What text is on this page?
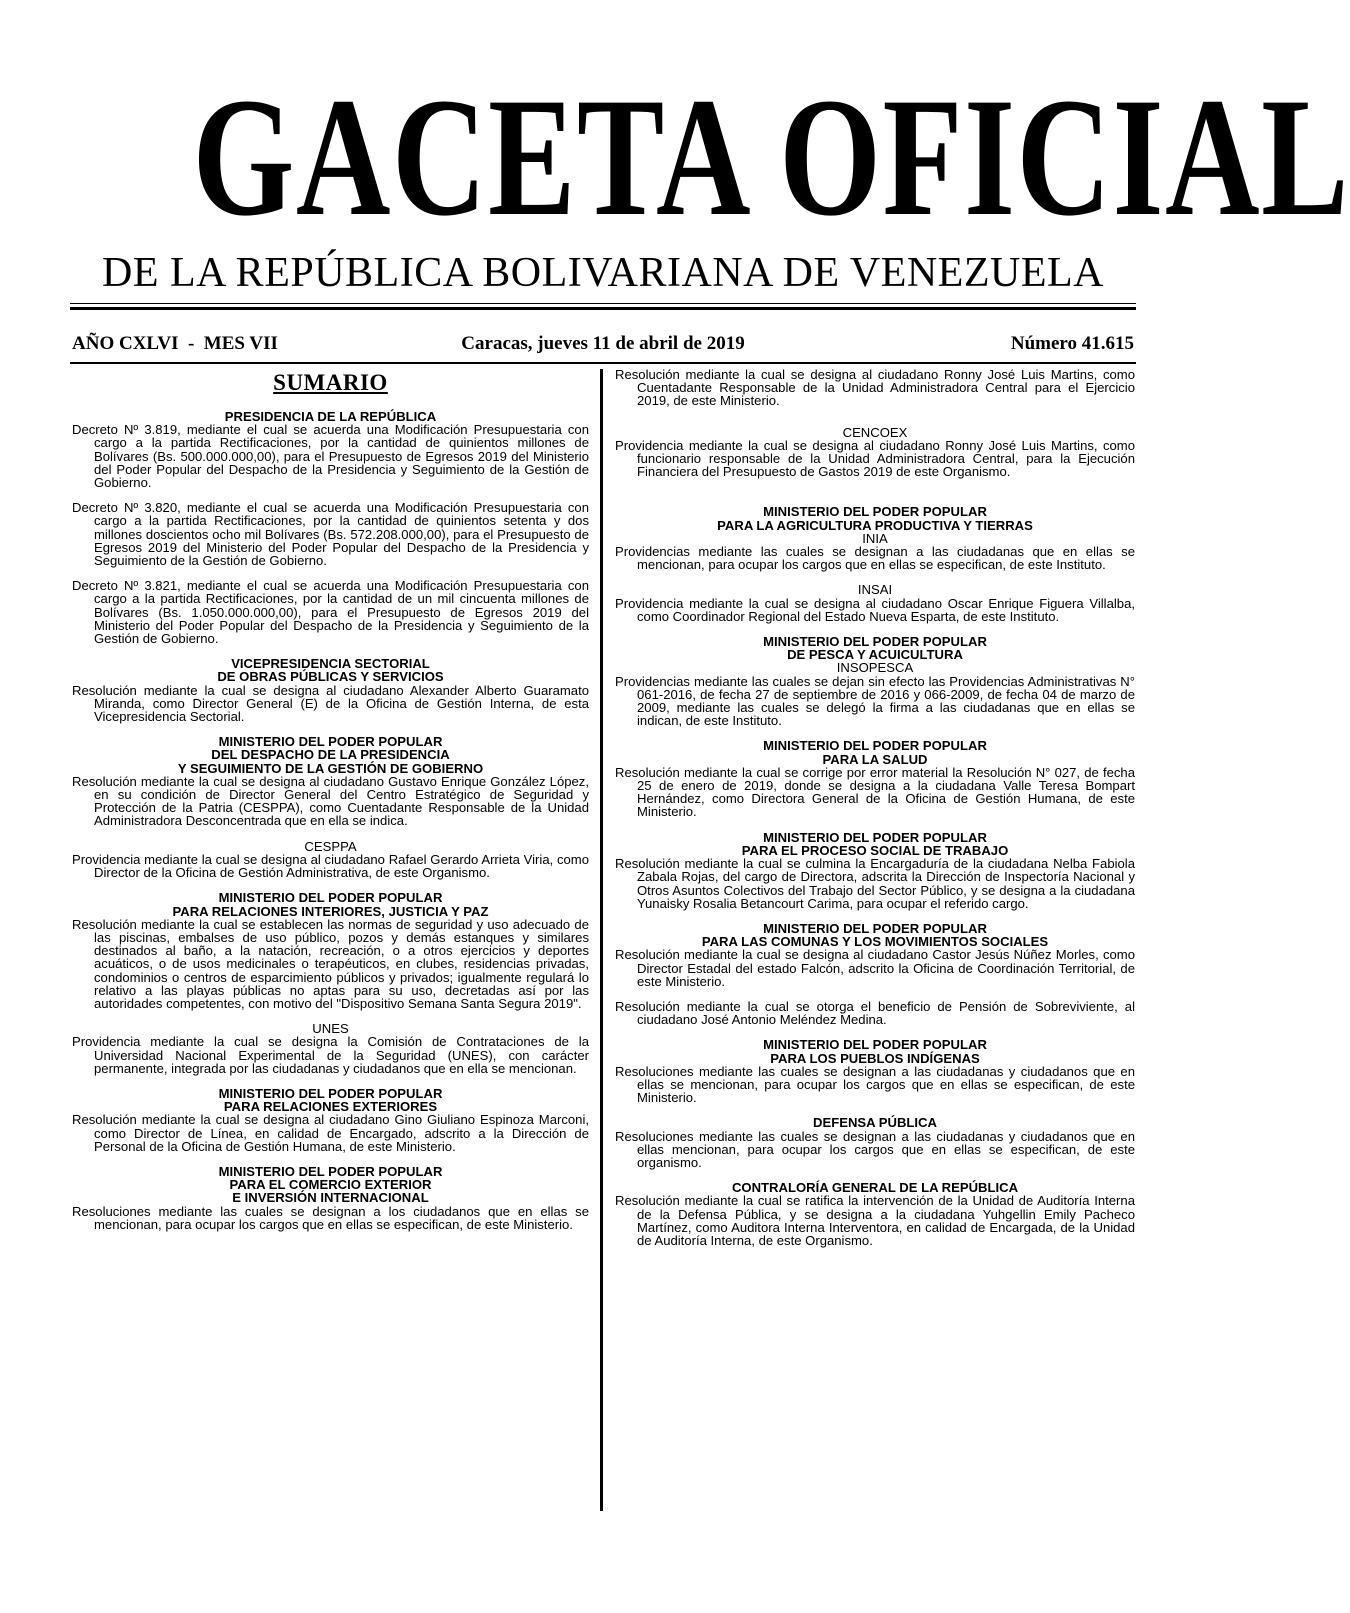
GACETA OFICIAL
DE LA REPÚBLICA BOLIVARIANA DE VENEZUELA
AÑO CXLVI  -  MES VII	Caracas, jueves 11 de abril de 2019	Número 41.615
SUMARIO

PRESIDENCIA DE LA REPÚBLICA

Decreto Nº 3.819, mediante el cual se acuerda una Modificación Presupuestaria con cargo a la partida Rectificaciones, por la cantidad de quinientos millones de Bolívares (Bs. 500.000.000,00), para el Presupuesto de Egresos 2019 del Ministerio del Poder Popular del Despacho de la Presidencia y Seguimiento de la Gestión de Gobierno.

Decreto Nº 3.820, mediante el cual se acuerda una Modificación Presupuestaria con cargo a la partida Rectificaciones, por la cantidad de quinientos setenta y dos millones doscientos ocho mil Bolívares (Bs. 572.208.000,00), para el Presupuesto de Egresos 2019 del Ministerio del Poder Popular del Despacho de la Presidencia y Seguimiento de la Gestión de Gobierno.

Decreto Nº 3.821, mediante el cual se acuerda una Modificación Presupuestaria con cargo a la partida Rectificaciones, por la cantidad de un mil cincuenta millones de Bolívares (Bs. 1.050.000.000,00), para el Presupuesto de Egresos 2019 del Ministerio del Poder Popular del Despacho de la Presidencia y Seguimiento de la Gestión de Gobierno.

VICEPRESIDENCIA SECTORIAL

DE OBRAS PÚBLICAS Y SERVICIOS

Resolución mediante la cual se designa al ciudadano Alexander Alberto Guaramato Miranda, como Director General (E) de la Oficina de Gestión Interna, de esta Vicepresidencia Sectorial.

MINISTERIO DEL PODER POPULAR

DEL DESPACHO DE LA PRESIDENCIA

Y SEGUIMIENTO DE LA GESTIÓN DE GOBIERNO

Resolución mediante la cual se designa al ciudadano Gustavo Enrique González López, en su condición de Director General del Centro Estratégico de Seguridad y Protección de la Patria (CESPPA), como Cuentadante Responsable de la Unidad Administradora Desconcentrada que en ella se indica.

CESPPA

Providencia mediante la cual se designa al ciudadano Rafael Gerardo Arrieta Viria, como Director de la Oficina de Gestión Administrativa, de este Organismo.

MINISTERIO DEL PODER POPULAR

PARA RELACIONES INTERIORES, JUSTICIA Y PAZ

Resolución mediante la cual se establecen las normas de seguridad y uso adecuado de las piscinas, embalses de uso público, pozos y demás estanques y similares destinados al baño, a la natación, recreación, o a otros ejercicios y deportes acuáticos, o de usos medicinales o terapéuticos, en clubes, residencias privadas, condominios o centros de esparcimiento públicos y privados; igualmente regulará lo relativo a las playas públicas no aptas para su uso, decretadas así por las autoridades competentes, con motivo del "Dispositivo Semana Santa Segura 2019".

UNES

Providencia mediante la cual se designa la Comisión de Contrataciones de la Universidad Nacional Experimental de la Seguridad (UNES), con carácter permanente, integrada por las ciudadanas y ciudadanos que en ella se mencionan.

MINISTERIO DEL PODER POPULAR

PARA RELACIONES EXTERIORES

Resolución mediante la cual se designa al ciudadano Gino Giuliano Espinoza Marconi, como Director de Línea, en calidad de Encargado, adscrito a la Dirección de Personal de la Oficina de Gestión Humana, de este Ministerio.

MINISTERIO DEL PODER POPULAR

PARA EL COMERCIO EXTERIOR

E INVERSIÓN INTERNACIONAL

Resoluciones mediante las cuales se designan a los ciudadanos que en ellas se mencionan, para ocupar los cargos que en ellas se especifican, de este Ministerio.

Resolución mediante la cual se designa al ciudadano Ronny José Luis Martins, como Cuentadante Responsable de la Unidad Administradora Central para el Ejercicio 2019, de este Ministerio.

CENCOEX

Providencia mediante la cual se designa al ciudadano Ronny José Luis Martins, como funcionario responsable de la Unidad Administradora Central, para la Ejecución Financiera del Presupuesto de Gastos 2019 de este Organismo.

MINISTERIO DEL PODER POPULAR

PARA LA AGRICULTURA PRODUCTIVA Y TIERRAS

INIA

Providencias mediante las cuales se designan a las ciudadanas que en ellas se mencionan, para ocupar los cargos que en ellas se especifican, de este Instituto.

INSAI

Providencia mediante la cual se designa al ciudadano Oscar Enrique Figuera Villalba, como Coordinador Regional del Estado Nueva Esparta, de este Instituto.

MINISTERIO DEL PODER POPULAR

DE PESCA Y ACUICULTURA

INSOPESCA

Providencias mediante las cuales se dejan sin efecto las Providencias Administrativas N° 061-2016, de fecha 27 de septiembre de 2016 y 066-2009, de fecha 04 de marzo de 2009, mediante las cuales se delegó la firma a las ciudadanas que en ellas se indican, de este Instituto.

MINISTERIO DEL PODER POPULAR

PARA LA SALUD

Resolución mediante la cual se corrige por error material la Resolución N° 027, de fecha 25 de enero de 2019, donde se designa a la ciudadana Valle Teresa Bompart Hernández, como Directora General de la Oficina de Gestión Humana, de este Ministerio.

MINISTERIO DEL PODER POPULAR

PARA EL PROCESO SOCIAL DE TRABAJO

Resolución mediante la cual se culmina la Encargaduría de la ciudadana Nelba Fabiola Zabala Rojas, del cargo de Directora, adscrita la Dirección de Inspectoría Nacional y Otros Asuntos Colectivos del Trabajo del Sector Público, y se designa a la ciudadana Yunaisky Rosalia Betancourt Carima, para ocupar el referido cargo.

MINISTERIO DEL PODER POPULAR

PARA LAS COMUNAS Y LOS MOVIMIENTOS SOCIALES

Resolución mediante la cual se designa al ciudadano Castor Jesús Núñez Morles, como Director Estadal del estado Falcón, adscrito la Oficina de Coordinación Territorial, de este Ministerio.

Resolución mediante la cual se otorga el beneficio de Pensión de Sobreviviente, al ciudadano José Antonio Meléndez Medina.

MINISTERIO DEL PODER POPULAR

PARA LOS PUEBLOS INDÍGENAS

Resoluciones mediante las cuales se designan a las ciudadanas y ciudadanos que en ellas se mencionan, para ocupar los cargos que en ellas se especifican, de este Ministerio.

DEFENSA PÚBLICA

Resoluciones mediante las cuales se designan a las ciudadanas y ciudadanos que en ellas mencionan, para ocupar los cargos que en ellas se especifican, de este organismo.

CONTRALORÍA GENERAL DE LA REPÚBLICA

Resolución mediante la cual se ratifica la intervención de la Unidad de Auditoría Interna de la Defensa Pública, y se designa a la ciudadana Yuhgellin Emily Pacheco Martínez, como Auditora Interna Interventora, en calidad de Encargada, de la Unidad de Auditoría Interna, de este Organismo.
